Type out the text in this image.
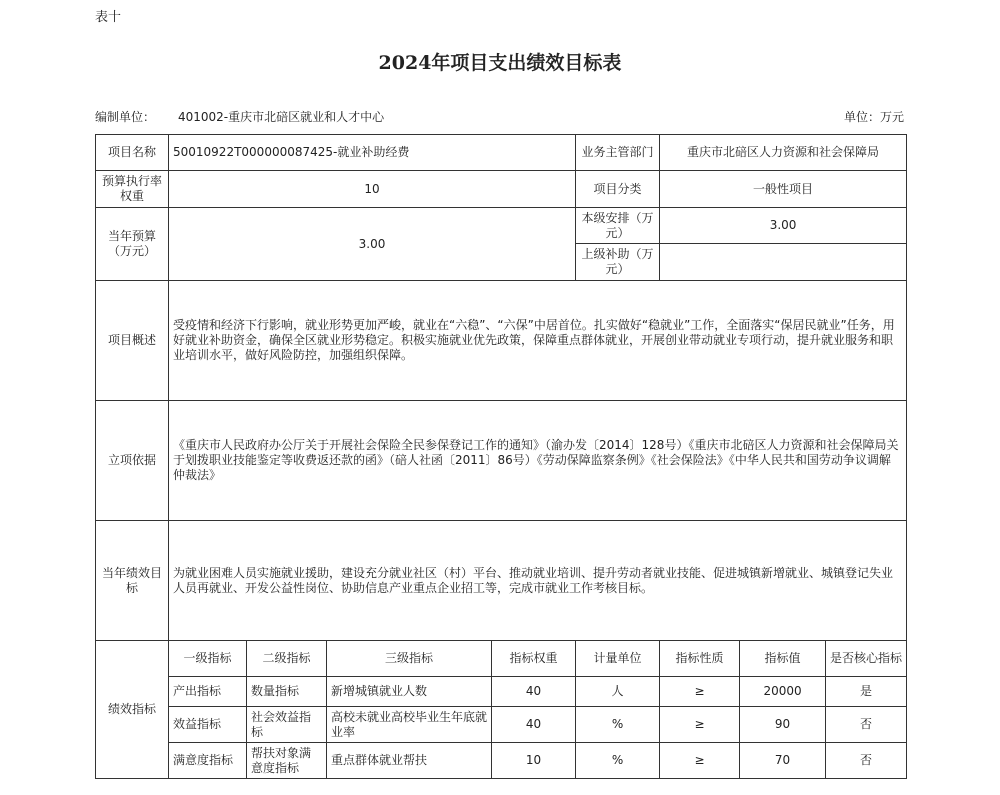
表十
2024年项目支出绩效目标表
编制单位： 401002-重庆市北碚区就业和人才中心	单位：万元
项目名称	50010922T000000087425-就业补助经费				业务主管部门	重庆市北碚区人力资源和社会保障局		
预算执行率权重	10				项目分类	一般性项目		
当年预算（万元）	3.00				本级安排（万元）	3.00		
					上级补助（万元）			
项目概述	受疫情和经济下行影响，就业形势更加严峻，就业在“六稳”、“六保”中居首位。扎实做好“稳就业”工作，全面落实“保居民就业”任务，用好就业补助资金，确保全区就业形势稳定。积极实施就业优先政策，保障重点群体就业，开展创业带动就业专项行动，提升就业服务和职业培训水平，做好风险防控，加强组织保障。							
立项依据	《重庆市人民政府办公厅关于开展社会保险全民参保登记工作的通知》（渝办发〔2014〕128号）《重庆市北碚区人力资源和社会保障局关于划拨职业技能鉴定等收费返还款的函》（碚人社函〔2011〕86号）《劳动保障监察条例》《社会保险法》《中华人民共和国劳动争议调解仲裁法》							
当年绩效目标	为就业困难人员实施就业援助，建设充分就业社区（村）平台、推动就业培训、提升劳动者就业技能、促进城镇新增就业、城镇登记失业人员再就业、开发公益性岗位、协助信息产业重点企业招工等，完成市就业工作考核目标。							
绩效指标	一级指标	二级指标	三级指标	指标权重	计量单位	指标性质	指标值	是否核心指标
	产出指标	数量指标	新增城镇就业人数	40	人	≥	20000	是
	效益指标	社会效益指标	高校未就业高校毕业生年底就业率	40	%	≥	90	否
	满意度指标	帮扶对象满意度指标	重点群体就业帮扶	10	%	≥	70	否
